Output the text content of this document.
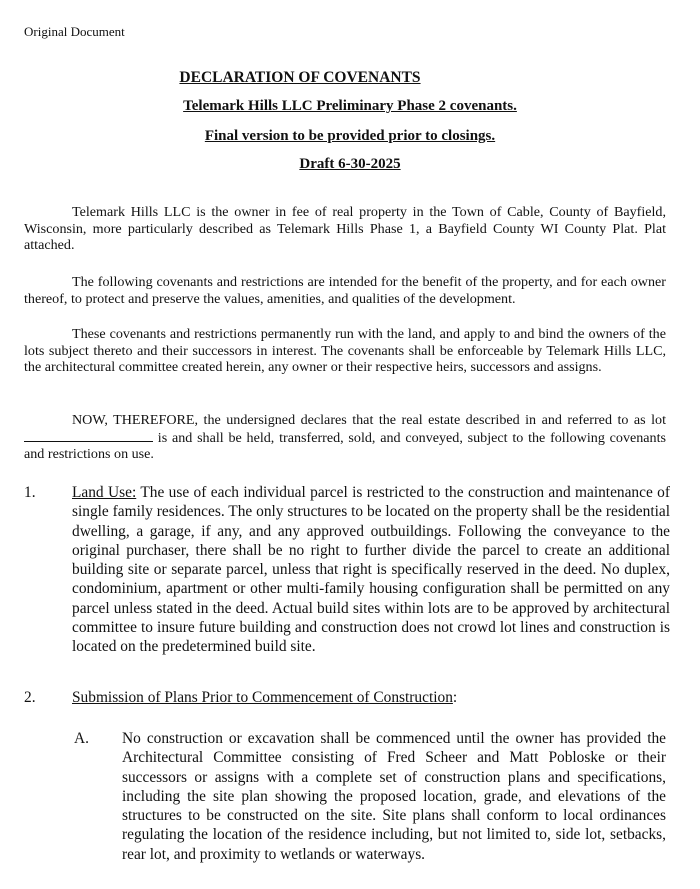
Original Document
DECLARATION OF COVENANTS
Telemark Hills LLC Preliminary Phase 2 covenants.
Final version to be provided prior to closings.
Draft 6-30-2025
Telemark Hills LLC is the owner in fee of real property in the Town of Cable, County of Bayfield, Wisconsin, more particularly described as Telemark Hills Phase 1, a Bayfield County WI County Plat. Plat attached.
The following covenants and restrictions are intended for the benefit of the property, and for each owner thereof, to protect and preserve the values, amenities, and qualities of the development.
These covenants and restrictions permanently run with the land, and apply to and bind the owners of the lots subject thereto and their successors in interest. The covenants shall be enforceable by Telemark Hills LLC, the architectural committee created herein, any owner or their respective heirs, successors and assigns.
NOW, THEREFORE, the undersigned declares that the real estate described in and referred to as lot is and shall be held, transferred, sold, and conveyed, subject to the following covenants and restrictions on use.
1. Land Use: The use of each individual parcel is restricted to the construction and maintenance of single family residences. The only structures to be located on the property shall be the residential dwelling, a garage, if any, and any approved outbuildings. Following the conveyance to the original purchaser, there shall be no right to further divide the parcel to create an additional building site or separate parcel, unless that right is specifically reserved in the deed. No duplex, condominium, apartment or other multi-family housing configuration shall be permitted on any parcel unless stated in the deed. Actual build sites within lots are to be approved by architectural committee to insure future building and construction does not crowd lot lines and construction is located on the predetermined build site.
2. Submission of Plans Prior to Commencement of Construction:
A. No construction or excavation shall be commenced until the owner has provided the Architectural Committee consisting of Fred Scheer and Matt Pobloske or their successors or assigns with a complete set of construction plans and specifications, including the site plan showing the proposed location, grade, and elevations of the structures to be constructed on the site. Site plans shall conform to local ordinances regulating the location of the residence including, but not limited to, side lot, setbacks, rear lot, and proximity to wetlands or waterways.
